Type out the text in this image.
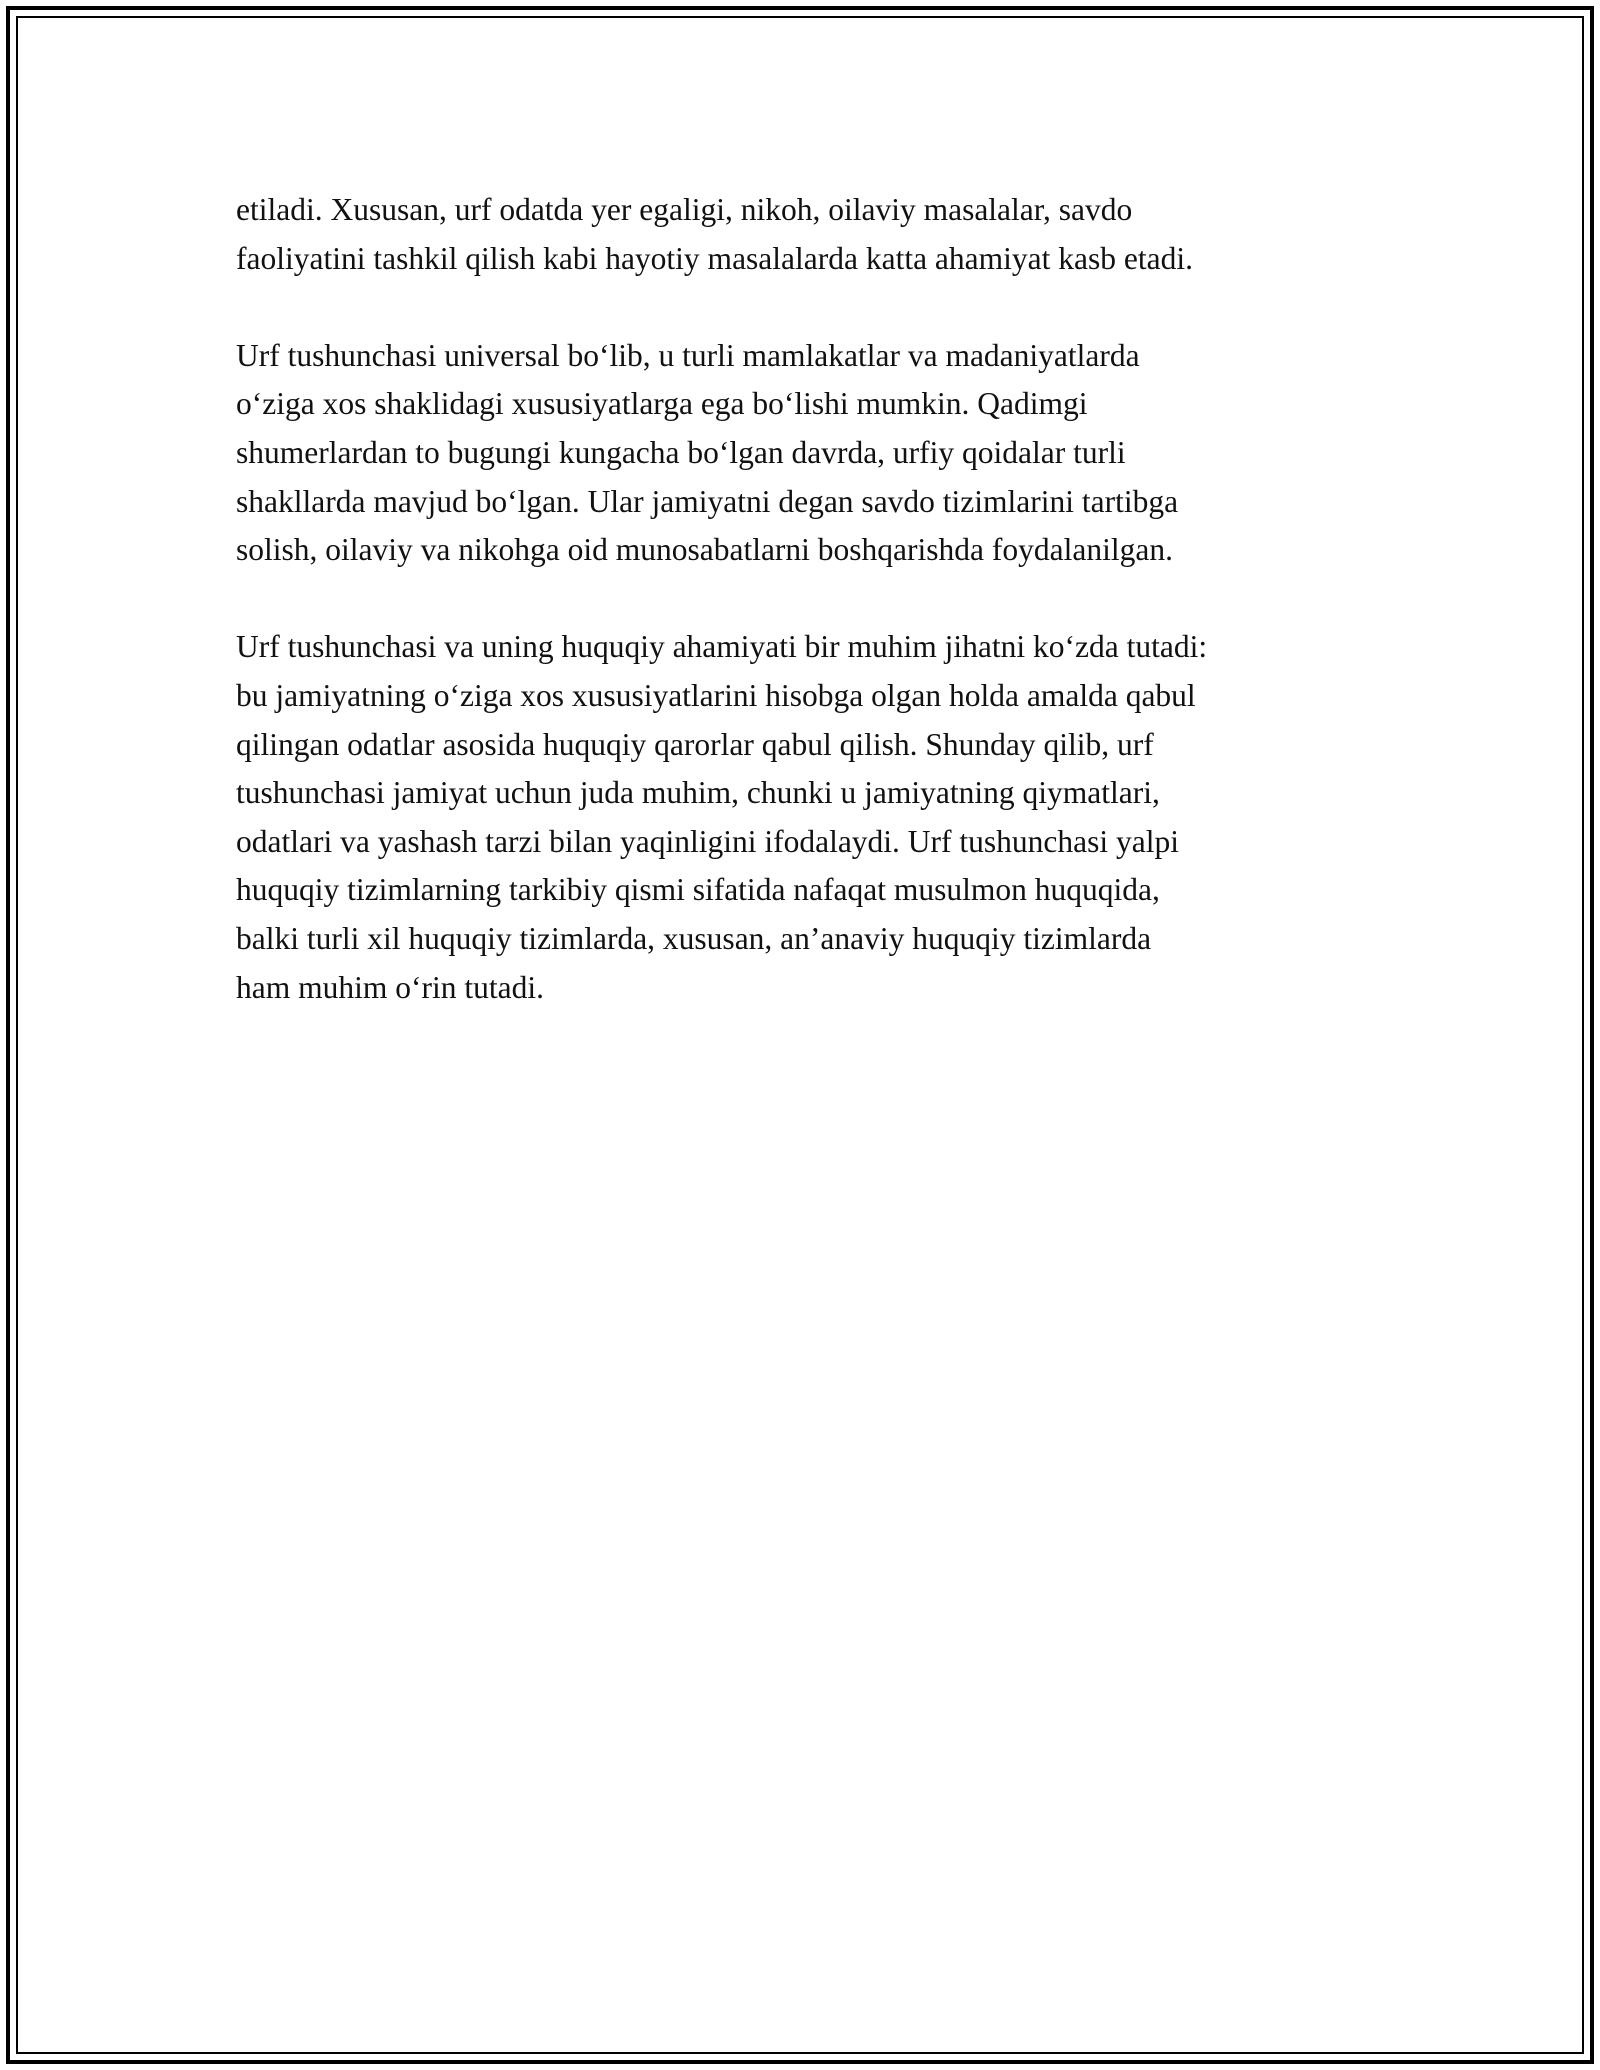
etiladi. Xususan, urf odatda yer egaligi, nikoh, oilaviy masalalar, savdo
faoliyatini tashkil qilish kabi hayotiy masalalarda katta ahamiyat kasb etadi.

Urf tushunchasi universal bo‘lib, u turli mamlakatlar va madaniyatlarda
o‘ziga xos shaklidagi xususiyatlarga ega bo‘lishi mumkin. Qadimgi
shumerlardan to bugungi kungacha bo‘lgan davrda, urfiy qoidalar turli
shakllarda mavjud bo‘lgan. Ular jamiyatni degan savdo tizimlarini tartibga
solish, oilaviy va nikohga oid munosabatlarni boshqarishda foydalanilgan.

Urf tushunchasi va uning huquqiy ahamiyati bir muhim jihatni ko‘zda tutadi:
bu jamiyatning o‘ziga xos xususiyatlarini hisobga olgan holda amalda qabul
qilingan odatlar asosida huquqiy qarorlar qabul qilish. Shunday qilib, urf
tushunchasi jamiyat uchun juda muhim, chunki u jamiyatning qiymatlari,
odatlari va yashash tarzi bilan yaqinligini ifodalaydi. Urf tushunchasi yalpi
huquqiy tizimlarning tarkibiy qismi sifatida nafaqat musulmon huquqida,
balki turli xil huquqiy tizimlarda, xususan, an’anaviy huquqiy tizimlarda
ham muhim o‘rin tutadi.
